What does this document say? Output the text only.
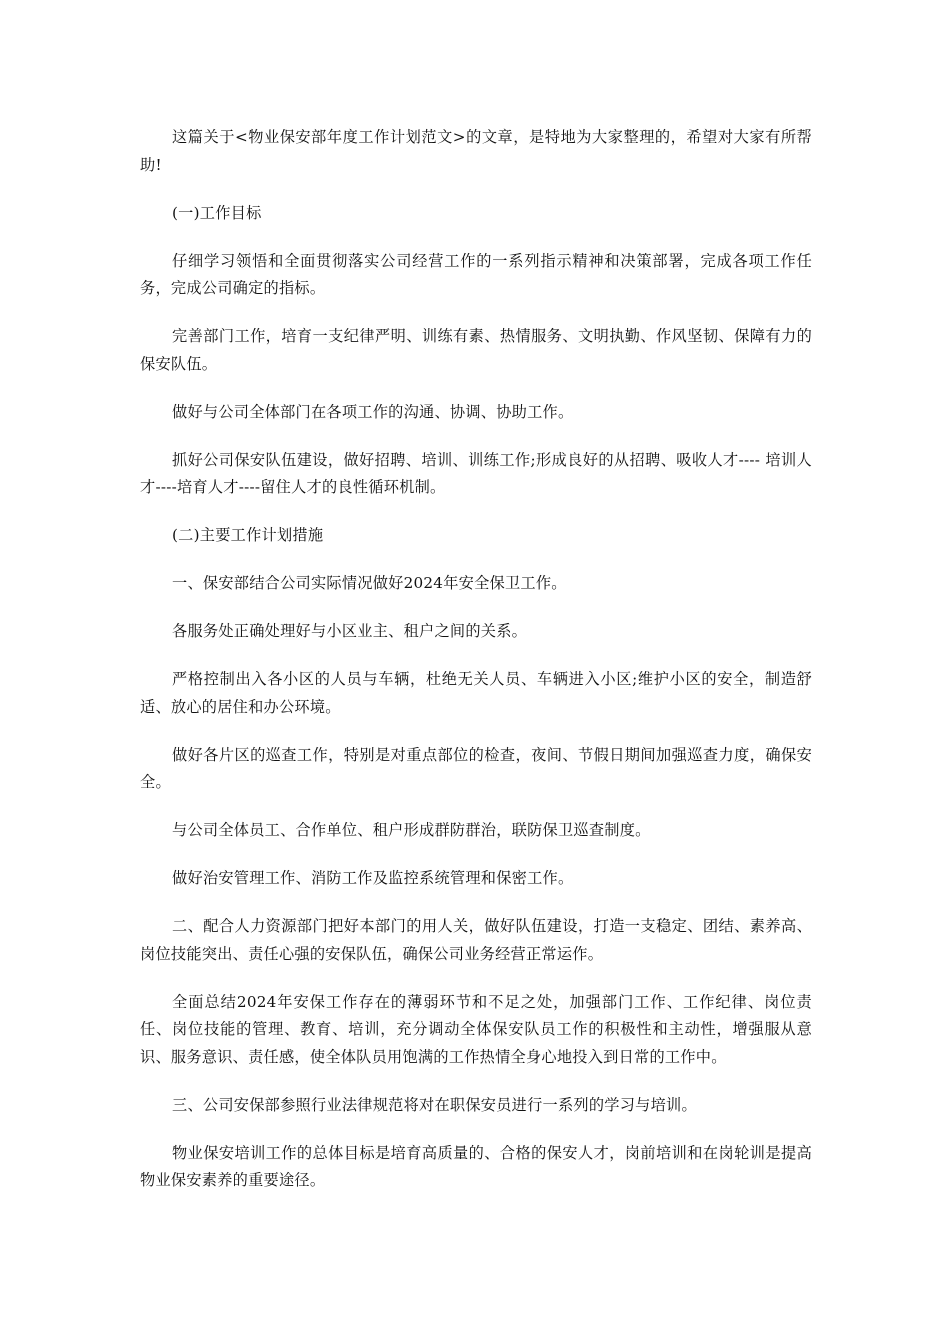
这篇关于<物业保安部年度工作计划范文>的文章，是特地为大家整理的，希望对大家有所帮助!

(一)工作目标

仔细学习领悟和全面贯彻落实公司经营工作的一系列指示精神和决策部署，完成各项工作任务，完成公司确定的指标。

完善部门工作，培育一支纪律严明、训练有素、热情服务、文明执勤、作风坚韧、保障有力的保安队伍。

做好与公司全体部门在各项工作的沟通、协调、协助工作。

抓好公司保安队伍建设，做好招聘、培训、训练工作;形成良好的从招聘、吸收人才---- 培训人才----培育人才----留住人才的良性循环机制。

(二)主要工作计划措施

一、保安部结合公司实际情况做好2024年安全保卫工作。

各服务处正确处理好与小区业主、租户之间的关系。

严格控制出入各小区的人员与车辆，杜绝无关人员、车辆进入小区;维护小区的安全，制造舒适、放心的居住和办公环境。

做好各片区的巡查工作，特别是对重点部位的检查，夜间、节假日期间加强巡查力度，确保安全。

与公司全体员工、合作单位、租户形成群防群治，联防保卫巡查制度。

做好治安管理工作、消防工作及监控系统管理和保密工作。

二、配合人力资源部门把好本部门的用人关，做好队伍建设，打造一支稳定、团结、素养高、岗位技能突出、责任心强的安保队伍，确保公司业务经营正常运作。

全面总结2024年安保工作存在的薄弱环节和不足之处，加强部门工作、工作纪律、岗位责任、岗位技能的管理、教育、培训，充分调动全体保安队员工作的积极性和主动性，增强服从意识、服务意识、责任感，使全体队员用饱满的工作热情全身心地投入到日常的工作中。

三、公司安保部参照行业法律规范将对在职保安员进行一系列的学习与培训。

物业保安培训工作的总体目标是培育高质量的、合格的保安人才，岗前培训和在岗轮训是提高物业保安素养的重要途径。
